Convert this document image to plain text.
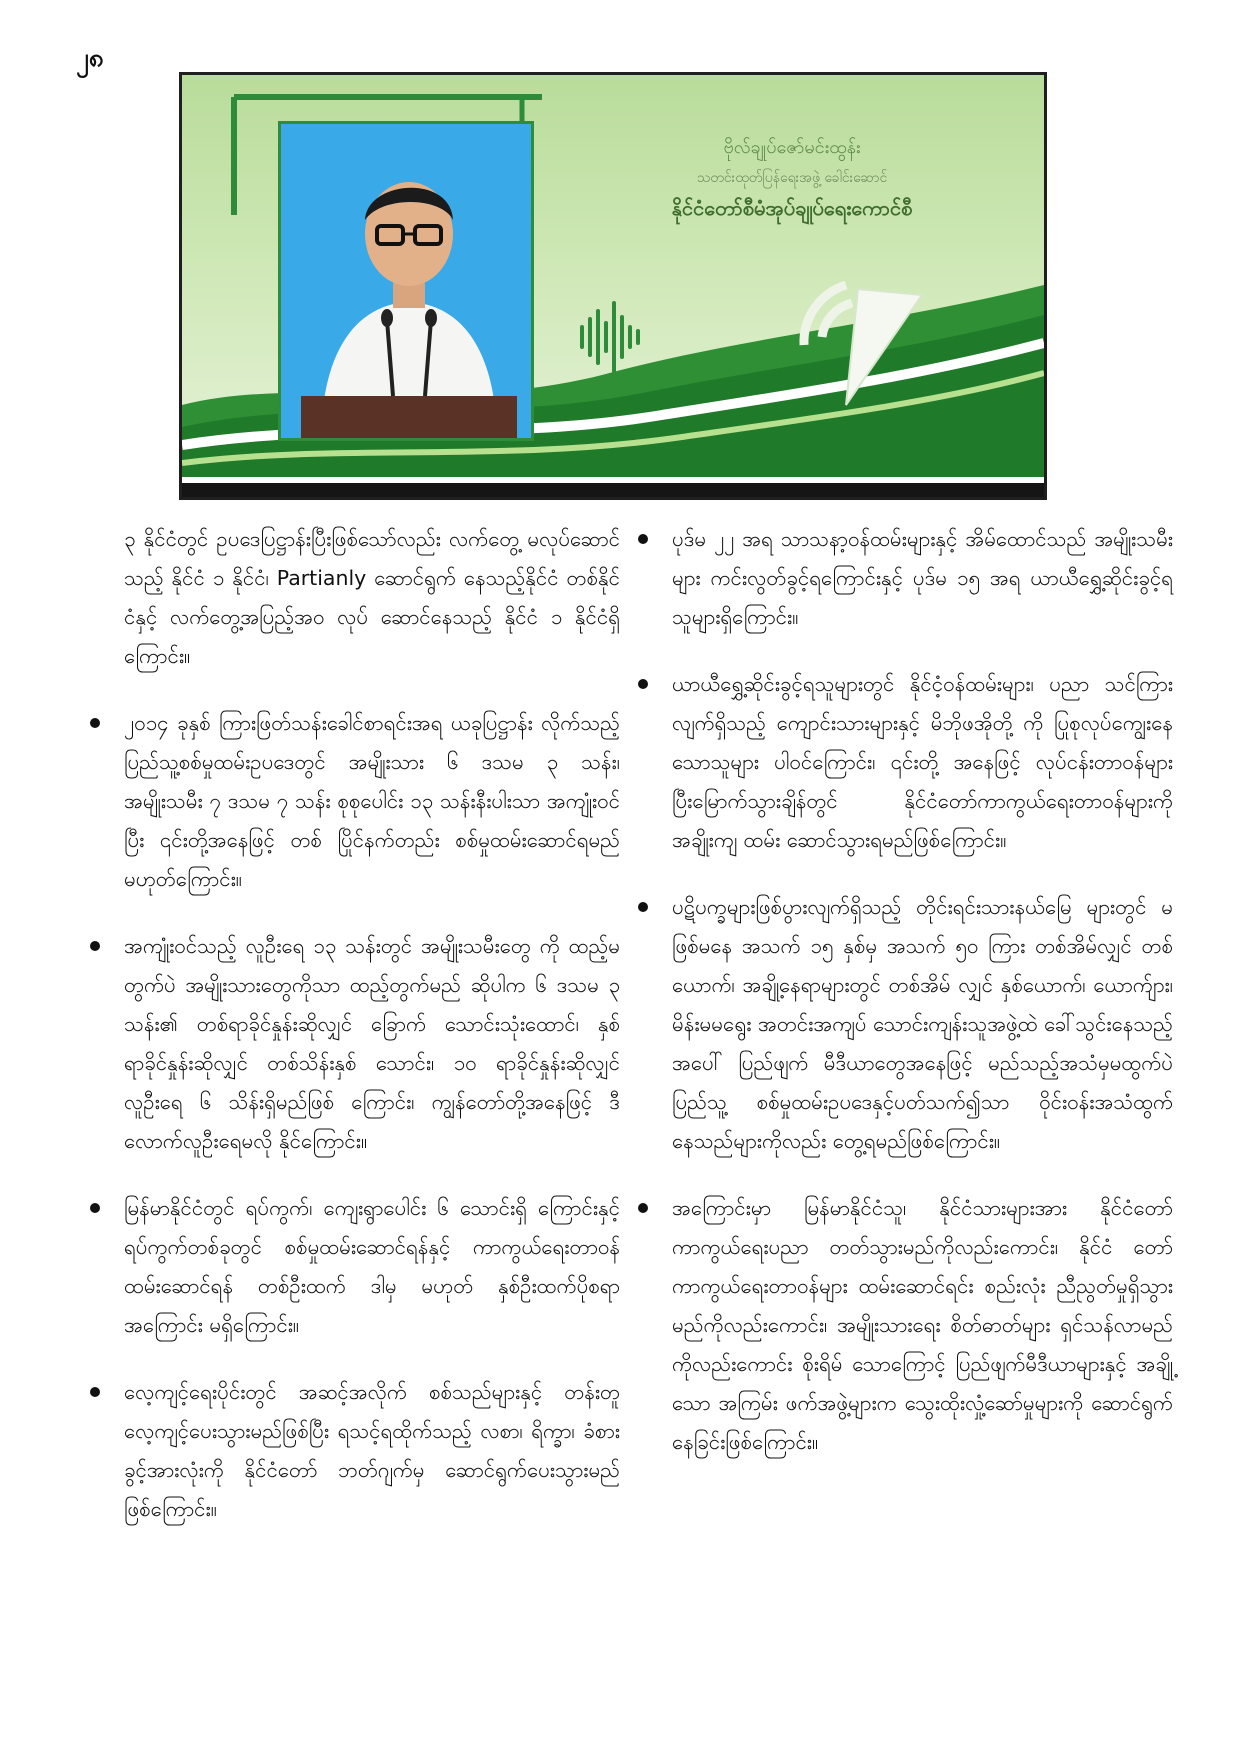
၂၈
ဗိုလ်ချုပ်ဇော်မင်းထွန်း
သတင်းထုတ်ပြန်ရေးအဖွဲ့ ခေါင်းဆောင်
နိုင်ငံတော်စီမံအုပ်ချုပ်ရေးကောင်စီ

၃ နိုင်ငံတွင် ဥပဒေပြဋ္ဌာန်းပြီးဖြစ်သော်လည်း လက်တွေ့ မလုပ်ဆောင်သည့် နိုင်ငံ ၁ နိုင်ငံ၊ Partianly ဆောင်ရွက် နေသည့်နိုင်ငံ တစ်နိုင်ငံနှင့် လက်တွေ့အပြည့်အဝ လုပ် ဆောင်နေသည့် နိုင်ငံ ၁ နိုင်ငံရှိကြောင်း။

၂၀၁၄ ခုနှစ် ကြားဖြတ်သန်းခေါင်စာရင်းအရ ယခုပြဋ္ဌာန်း လိုက်သည့် ပြည်သူ့စစ်မှုထမ်းဥပဒေတွင် အမျိုးသား ၆ ဒသမ ၃ သန်း၊ အမျိုးသမီး ၇ ဒသမ ၇ သန်း စုစုပေါင်း ၁၃ သန်းနီးပါးသာ အကျုံးဝင်ပြီး ၎င်းတို့အနေဖြင့် တစ် ပြိုင်နက်တည်း စစ်မှုထမ်းဆောင်ရမည်မဟုတ်ကြောင်း။
အကျုံးဝင်သည့် လူဦးရေ ၁၃ သန်းတွင် အမျိုးသမီးတွေ ကို ထည့်မတွက်ပဲ အမျိုးသားတွေကိုသာ ထည့်တွက်မည် ဆိုပါက ၆ ဒသမ ၃ သန်း၏ တစ်ရာခိုင်နှုန်းဆိုလျှင် ခြောက် သောင်းသုံးထောင်၊ နှစ်ရာခိုင်နှုန်းဆိုလျှင် တစ်သိန်းနှစ် သောင်း၊ ၁၀ ရာခိုင်နှုန်းဆိုလျှင် လူဦးရေ ၆ သိန်းရှိမည်ဖြစ် ကြောင်း၊ ကျွန်တော်တို့အနေဖြင့် ဒီလောက်လူဦးရေမလို နိုင်ကြောင်း။
မြန်မာနိုင်ငံတွင် ရပ်ကွက်၊ ကျေးရွာပေါင်း ၆ သောင်းရှိ ကြောင်းနှင့် ရပ်ကွက်တစ်ခုတွင် စစ်မှုထမ်းဆောင်ရန်နှင့် ကာကွယ်ရေးတာဝန်ထမ်းဆောင်ရန် တစ်ဦးထက် ဒါမှ မဟုတ် နှစ်ဦးထက်ပိုစရာအကြောင်း မရှိကြောင်း။
လေ့ကျင့်ရေးပိုင်းတွင် အဆင့်အလိုက် စစ်သည်များနှင့် တန်းတူလေ့ကျင့်ပေးသွားမည်ဖြစ်ပြီး ရသင့်ရထိုက်သည့် လစာ၊ ရိက္ခာ၊ ခံစားခွင့်အားလုံးကို နိုင်ငံတော် ဘတ်ဂျက်မှ ဆောင်ရွက်ပေးသွားမည်ဖြစ်ကြောင်း။
ပုဒ်မ ၂၂ အရ သာသနာ့ဝန်ထမ်းများနှင့် အိမ်ထောင်သည် အမျိုးသမီးများ ကင်းလွတ်ခွင့်ရကြောင်းနှင့် ပုဒ်မ ၁၅ အရ ယာယီရွှေ့ဆိုင်းခွင့်ရသူများရှိကြောင်း။
ယာယီရွှေ့ဆိုင်းခွင့်ရသူများတွင် နိုင်ငံ့ဝန်ထမ်းများ၊ ပညာ သင်ကြားလျက်ရှိသည့် ကျောင်းသားများနှင့် မိဘိုဖအိုတို့ ကို ပြုစုလုပ်ကျွေးနေသောသူများ ပါဝင်ကြောင်း၊ ၎င်းတို့ အနေဖြင့် လုပ်ငန်းတာဝန်များ ပြီးမြောက်သွားချိန်တွင် နိုင်ငံတော်ကာကွယ်ရေးတာဝန်များကို အချိုးကျ ထမ်း ဆောင်သွားရမည်ဖြစ်ကြောင်း။
ပဋိပက္ခများဖြစ်ပွားလျက်ရှိသည့် တိုင်းရင်းသားနယ်မြေ များတွင် မဖြစ်မနေ အသက် ၁၅ နှစ်မှ အသက် ၅၀ ကြား တစ်အိမ်လျှင် တစ်ယောက်၊ အချို့နေရာများတွင် တစ်အိမ် လျှင် နှစ်ယောက်၊ ယောက်ျား၊ မိန်းမမရွေး အတင်းအကျပ် သောင်းကျန်းသူအဖွဲ့ထဲ ခေါ်သွင်းနေသည့်အပေါ် ပြည်ဖျက် မီဒီယာတွေအနေဖြင့် မည်သည့်အသံမှမထွက်ပဲ ပြည်သူ့ စစ်မှုထမ်းဥပဒေနှင့်ပတ်သက်၍သာ ဝိုင်းဝန်းအသံထွက် နေသည်များကိုလည်း တွေ့ရမည်ဖြစ်ကြောင်း။
အကြောင်းမှာ မြန်မာနိုင်ငံသူ၊ နိုင်ငံသားများအား နိုင်ငံတော် ကာကွယ်ရေးပညာ တတ်သွားမည်ကိုလည်းကောင်း၊ နိုင်ငံ တော်ကာကွယ်ရေးတာဝန်များ ထမ်းဆောင်ရင်း စည်းလုံး ညီညွတ်မှုရှိသွားမည်ကိုလည်းကောင်း၊ အမျိုးသားရေး စိတ်ဓာတ်များ ရှင်သန်လာမည်ကိုလည်းကောင်း စိုးရိမ် သောကြောင့် ပြည်ဖျက်မီဒီယာများနှင့် အချို့သော အကြမ်း ဖက်အဖွဲ့များက သွေးထိုးလှုံ့ဆော်မှုများကို ဆောင်ရွက် နေခြင်းဖြစ်ကြောင်း။
